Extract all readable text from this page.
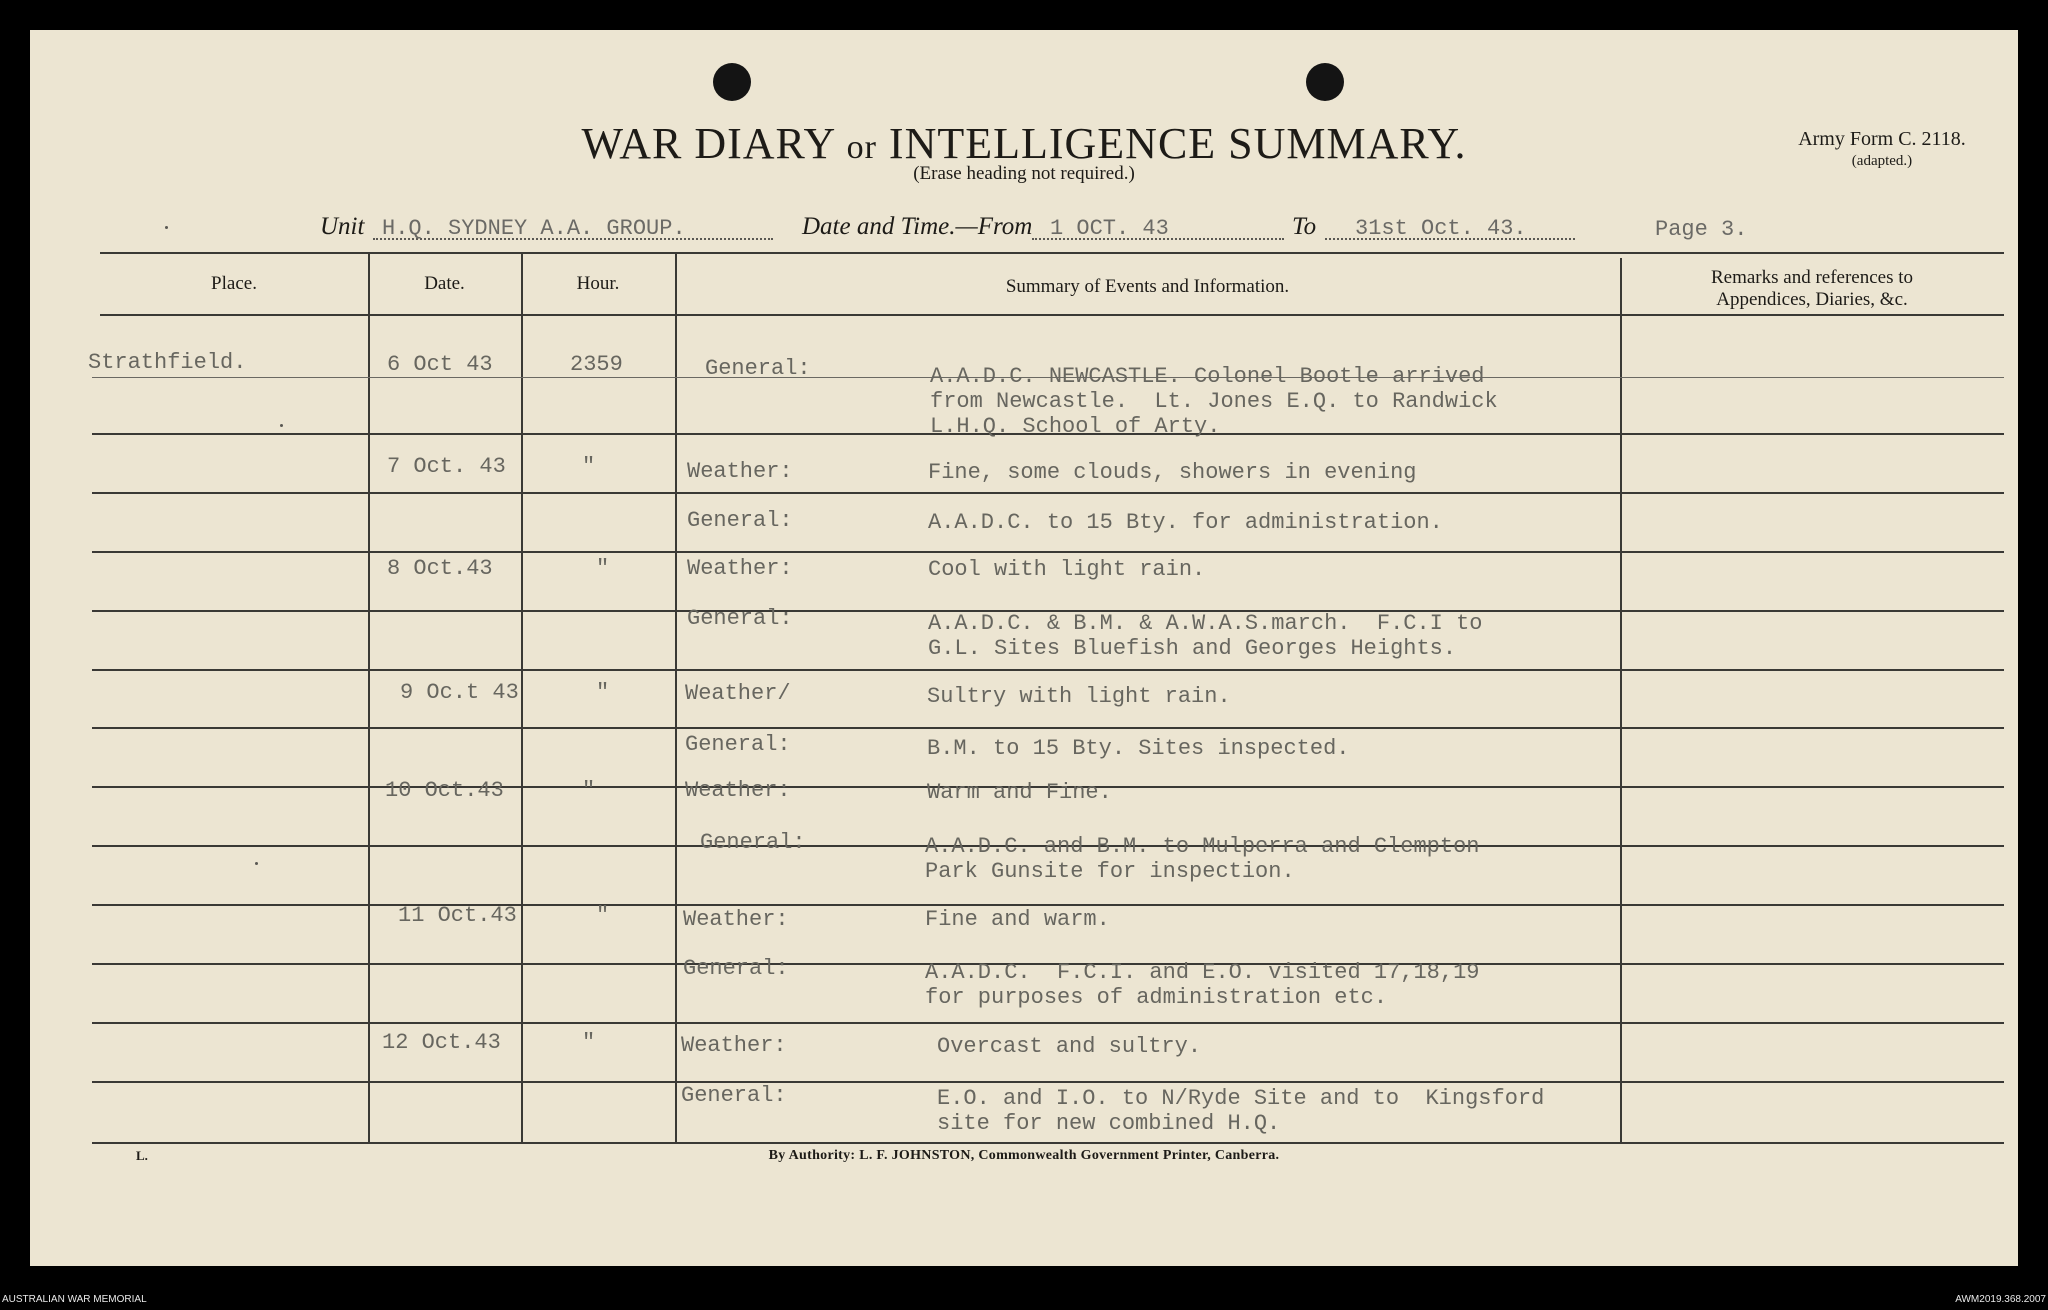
WAR DIARY or INTELLIGENCE SUMMARY.
(Erase heading not required.)
Army Form C. 2118.
(adapted.)
Unit H.Q. SYDNEY A.A. GROUP.	Date and Time.—From 1 OCT. 43	To 31st Oct. 43.	Page 3.
Place.	Date.	Hour.	Summary of Events and Information.	Remarks and references to
Appendices, Diaries, &c.
Strathfield.	6 Oct 43	2359	General:	A.A.D.C. NEWCASTLE. Colonel Bootle arrived
from Newcastle.  Lt. Jones E.Q. to Randwick
L.H.Q. School of Arty.
7 Oct. 43	"	Weather:	Fine, some clouds, showers in evening
General:	A.A.D.C. to 15 Bty. for administration.
8 Oct.43	"	Weather:	Cool with light rain.
General:	A.A.D.C. & B.M. & A.W.A.S.march.  F.C.I to
G.L. Sites Bluefish and Georges Heights.
9 Oc.t 43	"	Weather/	Sultry with light rain.
General:	B.M. to 15 Bty. Sites inspected.
10 Oct.43	"	Weather:	Warm and Fine.
General:	A.A.D.C. and B.M. to Mulperra and Clempton
Park Gunsite for inspection.
11 Oct.43	"	Weather:	Fine and warm.
General:	A.A.D.C.  F.C.I. and E.O. visited 17,18,19
for purposes of administration etc.
12 Oct.43	"	Weather:	Overcast and sultry.
General:	E.O. and I.O. to N/Ryde Site and to  Kingsford
site for new combined H.Q.
L.	By Authority: L. F. JOHNSTON, Commonwealth Government Printer, Canberra.
AUSTRALIAN WAR MEMORIAL	AWM2019.368.2007
